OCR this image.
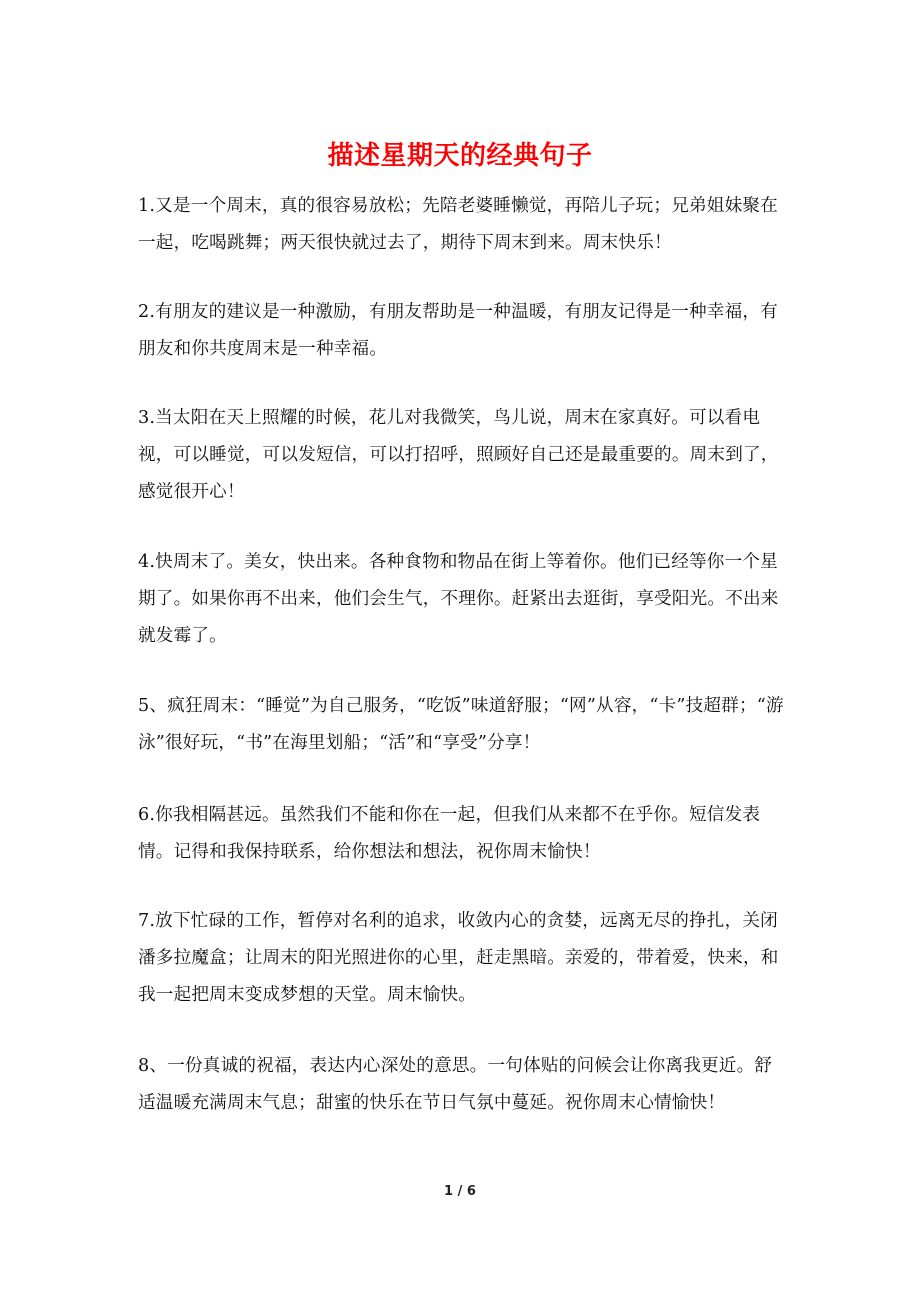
描述星期天的经典句子
1.又是一个周末，真的很容易放松；先陪老婆睡懒觉，再陪儿子玩；兄弟姐妹聚在一起，吃喝跳舞；两天很快就过去了，期待下周末到来。周末快乐！
2.有朋友的建议是一种激励，有朋友帮助是一种温暖，有朋友记得是一种幸福，有朋友和你共度周末是一种幸福。
3.当太阳在天上照耀的时候，花儿对我微笑，鸟儿说，周末在家真好。可以看电视，可以睡觉，可以发短信，可以打招呼，照顾好自己还是最重要的。周末到了，感觉很开心！
4.快周末了。美女，快出来。各种食物和物品在街上等着你。他们已经等你一个星期了。如果你再不出来，他们会生气，不理你。赶紧出去逛街，享受阳光。不出来就发霉了。
5、疯狂周末：“睡觉”为自己服务，“吃饭”味道舒服；“网”从容，“卡”技超群；“游泳”很好玩，“书”在海里划船；“活”和“享受”分享！
6.你我相隔甚远。虽然我们不能和你在一起，但我们从来都不在乎你。短信发表情。记得和我保持联系，给你想法和想法，祝你周末愉快！
7.放下忙碌的工作，暂停对名利的追求，收敛内心的贪婪，远离无尽的挣扎，关闭潘多拉魔盒；让周末的阳光照进你的心里，赶走黑暗。亲爱的，带着爱，快来，和我一起把周末变成梦想的天堂。周末愉快。
8、一份真诚的祝福，表达内心深处的意思。一句体贴的问候会让你离我更近。舒适温暖充满周末气息；甜蜜的快乐在节日气氛中蔓延。祝你周末心情愉快！
1 / 6
